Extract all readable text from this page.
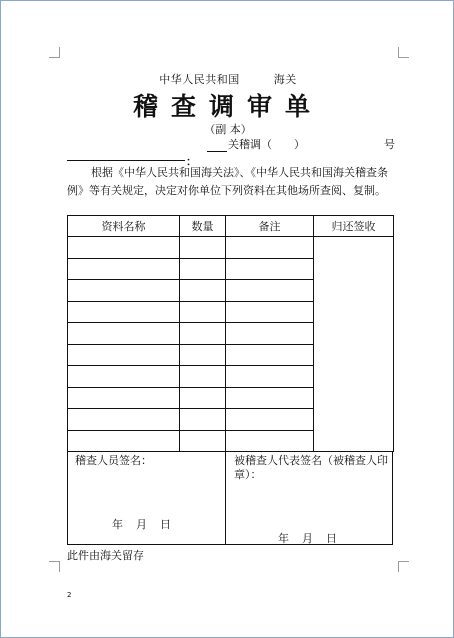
中华人民共和国	海关
稽查调审单
（副 本）
关稽调（　　）	号
：
根据《中华人民共和国海关法》、《中华人民共和国海关稽查条例》等有关规定，决定对你单位下列资料在其他场所查阅、复制。
资料名称	数量	备注	归还签收

稽查人员签名：
年　月　日
被稽查人代表签名（被稽查人印章）：
年　月　日
此件由海关留存
2
